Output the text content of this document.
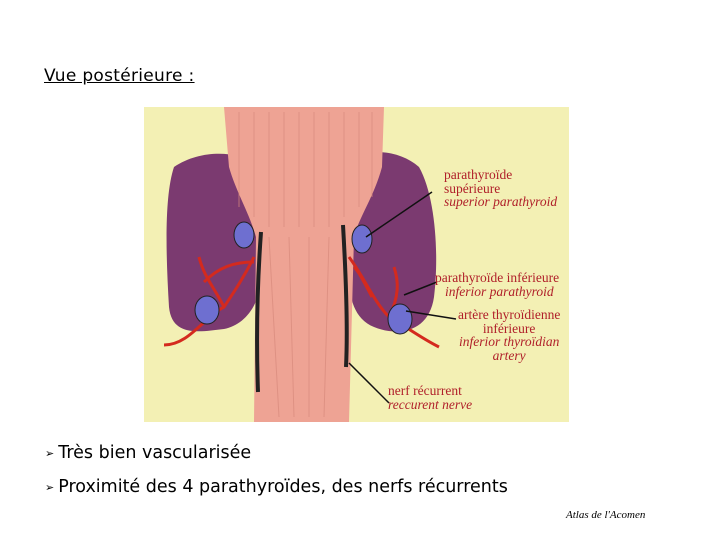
Vue postérieure :
parathyroïde supérieure
superior parathyroid
parathyroïde inférieure
inferior parathyroid
artère thyroïdienne
inférieure
inferior thyroïdian
artery
nerf récurrent
reccurent nerve
➢ Très bien vascularisée
➢ Proximité des 4 parathyroïdes, des nerfs récurrents
Atlas de l'Acomen
